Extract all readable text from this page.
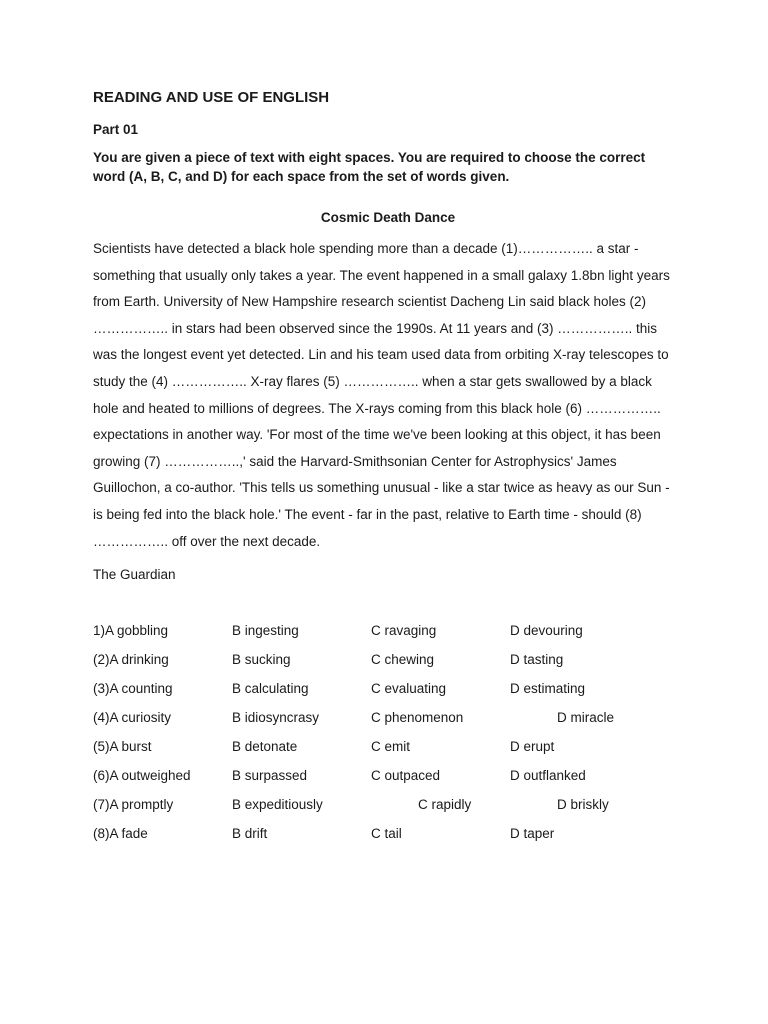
READING AND USE OF ENGLISH
Part 01
You are given a piece of text with eight spaces. You are required to choose the correct word (A, B, C, and D) for each space from the set of words given.
Cosmic Death Dance
Scientists have detected a black hole spending more than a decade (1)…………….. a star - something that usually only takes a year. The event happened in a small galaxy 1.8bn light years from Earth. University of New Hampshire research scientist Dacheng Lin said black holes (2) …………….. in stars had been observed since the 1990s. At 11 years and (3) …………….. this was the longest event yet detected. Lin and his team used data from orbiting X-ray telescopes to study the (4) …………….. X-ray flares (5) …………….. when a star gets swallowed by a black hole and heated to millions of degrees. The X-rays coming from this black hole (6) …………….. expectations in another way. 'For most of the time we've been looking at this object, it has been growing (7) ……………..,' said the Harvard-Smithsonian Center for Astrophysics' James Guillochon, a co-author. 'This tells us something unusual - like a star twice as heavy as our Sun - is being fed into the black hole.' The event - far in the past, relative to Earth time - should (8) …………….. off over the next decade.
The Guardian
1)A gobbling	B ingesting	C ravaging	D devouring
(2)A drinking	B sucking	C chewing	D tasting
(3)A counting	B calculating	C evaluating	D estimating
(4)A curiosity	B idiosyncrasy	C phenomenon	D miracle
(5)A burst	B detonate	C emit	D erupt
(6)A outweighed	B surpassed	C outpaced	D outflanked
(7)A promptly	B expeditiously	C rapidly	D briskly
(8)A fade	B drift	C tail	D taper
